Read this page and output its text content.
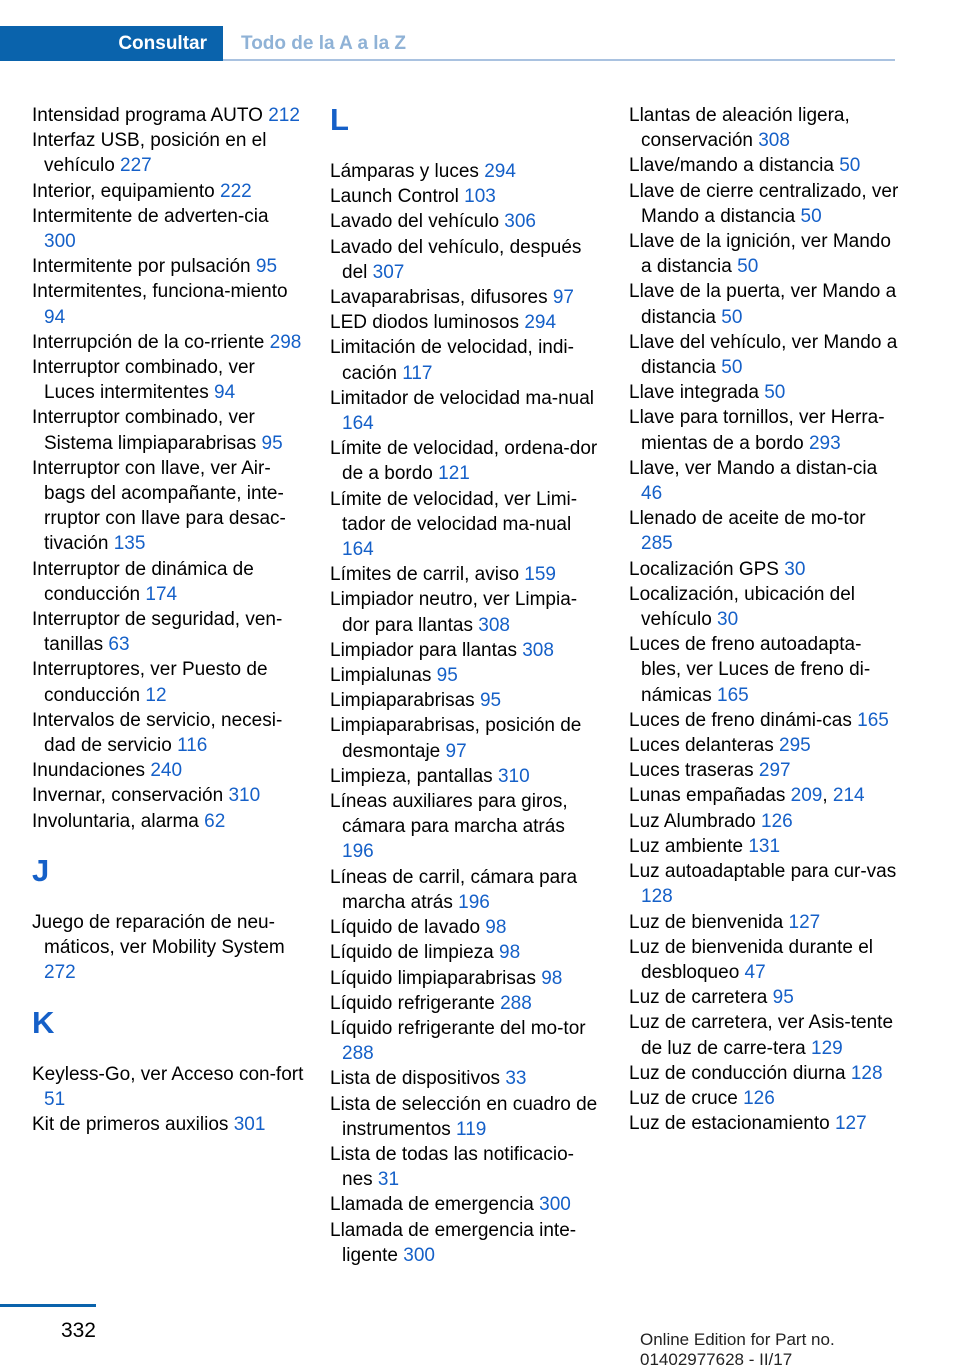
Consultar	Todo de la A a la Z
Intensidad programa AUTO 212
Interfaz USB, posición en el vehículo 227
Interior, equipamiento 222
Intermitente de adverten-cia 300
Intermitente por pulsación 95
Intermitentes, funciona-miento 94
Interrupción de la co-rriente 298
Interruptor combinado, ver Luces intermitentes 94
Interruptor combinado, ver Sistema limpiaparabrisas 95
Interruptor con llave, ver Air-bags del acompañante, inte-rruptor con llave para desac-tivación 135
Interruptor de dinámica de conducción 174
Interruptor de seguridad, ven-tanillas 63
Interruptores, ver Puesto de conducción 12
Intervalos de servicio, necesi-dad de servicio 116
Inundaciones 240
Invernar, conservación 310
Involuntaria, alarma 62
J
Juego de reparación de neu-máticos, ver Mobility System 272
K
Keyless-Go, ver Acceso con-fort 51
Kit de primeros auxilios 301
L
Lámparas y luces 294
Launch Control 103
Lavado del vehículo 306
Lavado del vehículo, después del 307
Lavaparabrisas, difusores 97
LED diodos luminosos 294
Limitación de velocidad, indi-cación 117
Limitador de velocidad ma-nual 164
Límite de velocidad, ordena-dor de a bordo 121
Límite de velocidad, ver Limi-tador de velocidad ma-nual 164
Límites de carril, aviso 159
Limpiador neutro, ver Limpia-dor para llantas 308
Limpiador para llantas 308
Limpialunas 95
Limpiaparabrisas 95
Limpiaparabrisas, posición de desmontaje 97
Limpieza, pantallas 310
Líneas auxiliares para giros, cámara para marcha atrás 196
Líneas de carril, cámara para marcha atrás 196
Líquido de lavado 98
Líquido de limpieza 98
Líquido limpiaparabrisas 98
Líquido refrigerante 288
Líquido refrigerante del mo-tor 288
Lista de dispositivos 33
Lista de selección en cuadro de instrumentos 119
Lista de todas las notificacio-nes 31
Llamada de emergencia 300
Llamada de emergencia inte-ligente 300
Llantas de aleación ligera, conservación 308
Llave/mando a distancia 50
Llave de cierre centralizado, ver Mando a distancia 50
Llave de la ignición, ver Mando a distancia 50
Llave de la puerta, ver Mando a distancia 50
Llave del vehículo, ver Mando a distancia 50
Llave integrada 50
Llave para tornillos, ver Herra-mientas de a bordo 293
Llave, ver Mando a distan-cia 46
Llenado de aceite de mo-tor 285
Localización GPS 30
Localización, ubicación del vehículo 30
Luces de freno autoadapta-bles, ver Luces de freno di-námicas 165
Luces de freno dinámi-cas 165
Luces delanteras 295
Luces traseras 297
Lunas empañadas 209, 214
Luz Alumbrado 126
Luz ambiente 131
Luz autoadaptable para cur-vas 128
Luz de bienvenida 127
Luz de bienvenida durante el desbloqueo 47
Luz de carretera 95
Luz de carretera, ver Asis-tente de luz de carre-tera 129
Luz de conducción diurna 128
Luz de cruce 126
Luz de estacionamiento 127
332	Online Edition for Part no. 01402977628 - II/17
